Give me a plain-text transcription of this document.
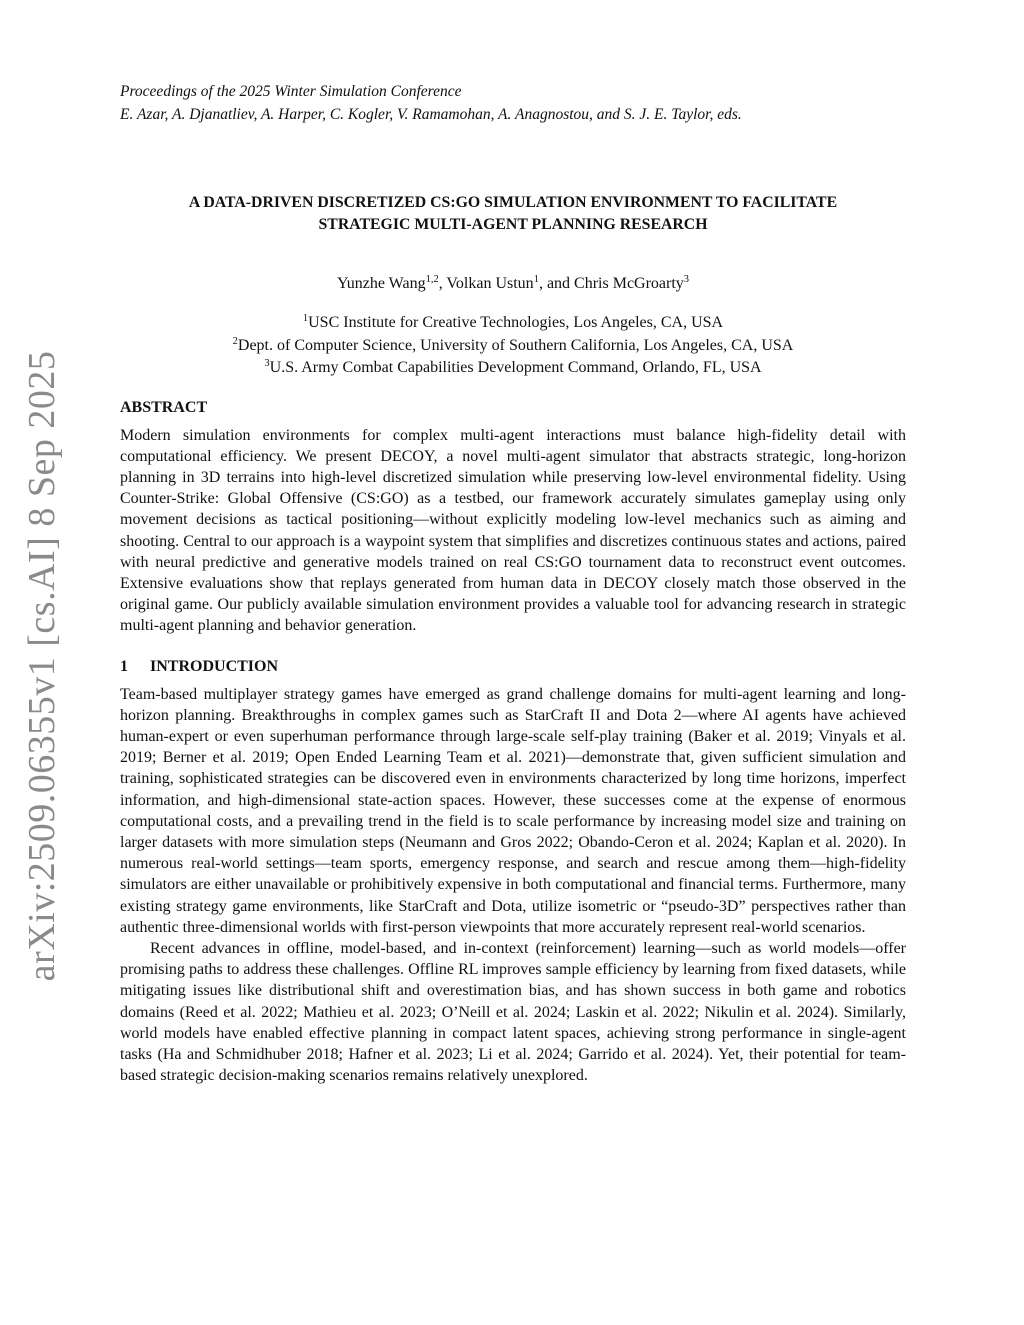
arXiv:2509.06355v1 [cs.AI] 8 Sep 2025

Proceedings of the 2025 Winter Simulation Conference

E. Azar, A. Djanatliev, A. Harper, C. Kogler, V. Ramamohan, A. Anagnostou, and S. J. E. Taylor, eds.

A DATA-DRIVEN DISCRETIZED CS:GO SIMULATION ENVIRONMENT TO FACILITATE
STRATEGIC MULTI-AGENT PLANNING RESEARCH
Yunzhe Wang$^{1,2}$, Volkan Ustun$^1$, and Chris McGroarty$^3$
$^1$USC Institute for Creative Technologies, Los Angeles, CA, USA
$^2$Dept. of Computer Science, University of Southern California, Los Angeles, CA, USA
$^3$U.S. Army Combat Capabilities Development Command, Orlando, FL, USA

ABSTRACT

Modern simulation environments for complex multi-agent interactions must balance high-fidelity detail with computational efficiency. We present DECOY, a novel multi-agent simulator that abstracts strategic, long-horizon planning in 3D terrains into high-level discretized simulation while preserving low-level environmental fidelity. Using Counter-Strike: Global Offensive (CS:GO) as a testbed, our framework accurately simulates gameplay using only movement decisions as tactical positioning—without explicitly modeling low-level mechanics such as aiming and shooting. Central to our approach is a waypoint system that simplifies and discretizes continuous states and actions, paired with neural predictive and generative models trained on real CS:GO tournament data to reconstruct event outcomes. Extensive evaluations show that replays generated from human data in DECOY closely match those observed in the original game. Our publicly available simulation environment provides a valuable tool for advancing research in strategic multi-agent planning and behavior generation.

1 INTRODUCTION

Team-based multiplayer strategy games have emerged as grand challenge domains for multi-agent learning and long-horizon planning. Breakthroughs in complex games such as StarCraft II and Dota 2—where AI agents have achieved human-expert or even superhuman performance through large-scale self-play training (Baker et al. 2019; Vinyals et al. 2019; Berner et al. 2019; Open Ended Learning Team et al. 2021)—demonstrate that, given sufficient simulation and training, sophisticated strategies can be discovered even in environments characterized by long time horizons, imperfect information, and high-dimensional state-action spaces. However, these successes come at the expense of enormous computational costs, and a prevailing trend in the field is to scale performance by increasing model size and training on larger datasets with more simulation steps (Neumann and Gros 2022; Obando-Ceron et al. 2024; Kaplan et al. 2020). In numerous real-world settings—team sports, emergency response, and search and rescue among them—high-fidelity simulators are either unavailable or prohibitively expensive in both computational and financial terms. Furthermore, many existing strategy game environments, like StarCraft and Dota, utilize isometric or “pseudo-3D” perspectives rather than authentic three-dimensional worlds with first-person viewpoints that more accurately represent real-world scenarios.

Recent advances in offline, model-based, and in-context (reinforcement) learning—such as world models—offer promising paths to address these challenges. Offline RL improves sample efficiency by learning from fixed datasets, while mitigating issues like distributional shift and overestimation bias, and has shown success in both game and robotics domains (Reed et al. 2022; Mathieu et al. 2023; O’Neill et al. 2024; Laskin et al. 2022; Nikulin et al. 2024). Similarly, world models have enabled effective planning in compact latent spaces, achieving strong performance in single-agent tasks (Ha and Schmidhuber 2018; Hafner et al. 2023; Li et al. 2024; Garrido et al. 2024). Yet, their potential for team-based strategic decision-making scenarios remains relatively unexplored.
